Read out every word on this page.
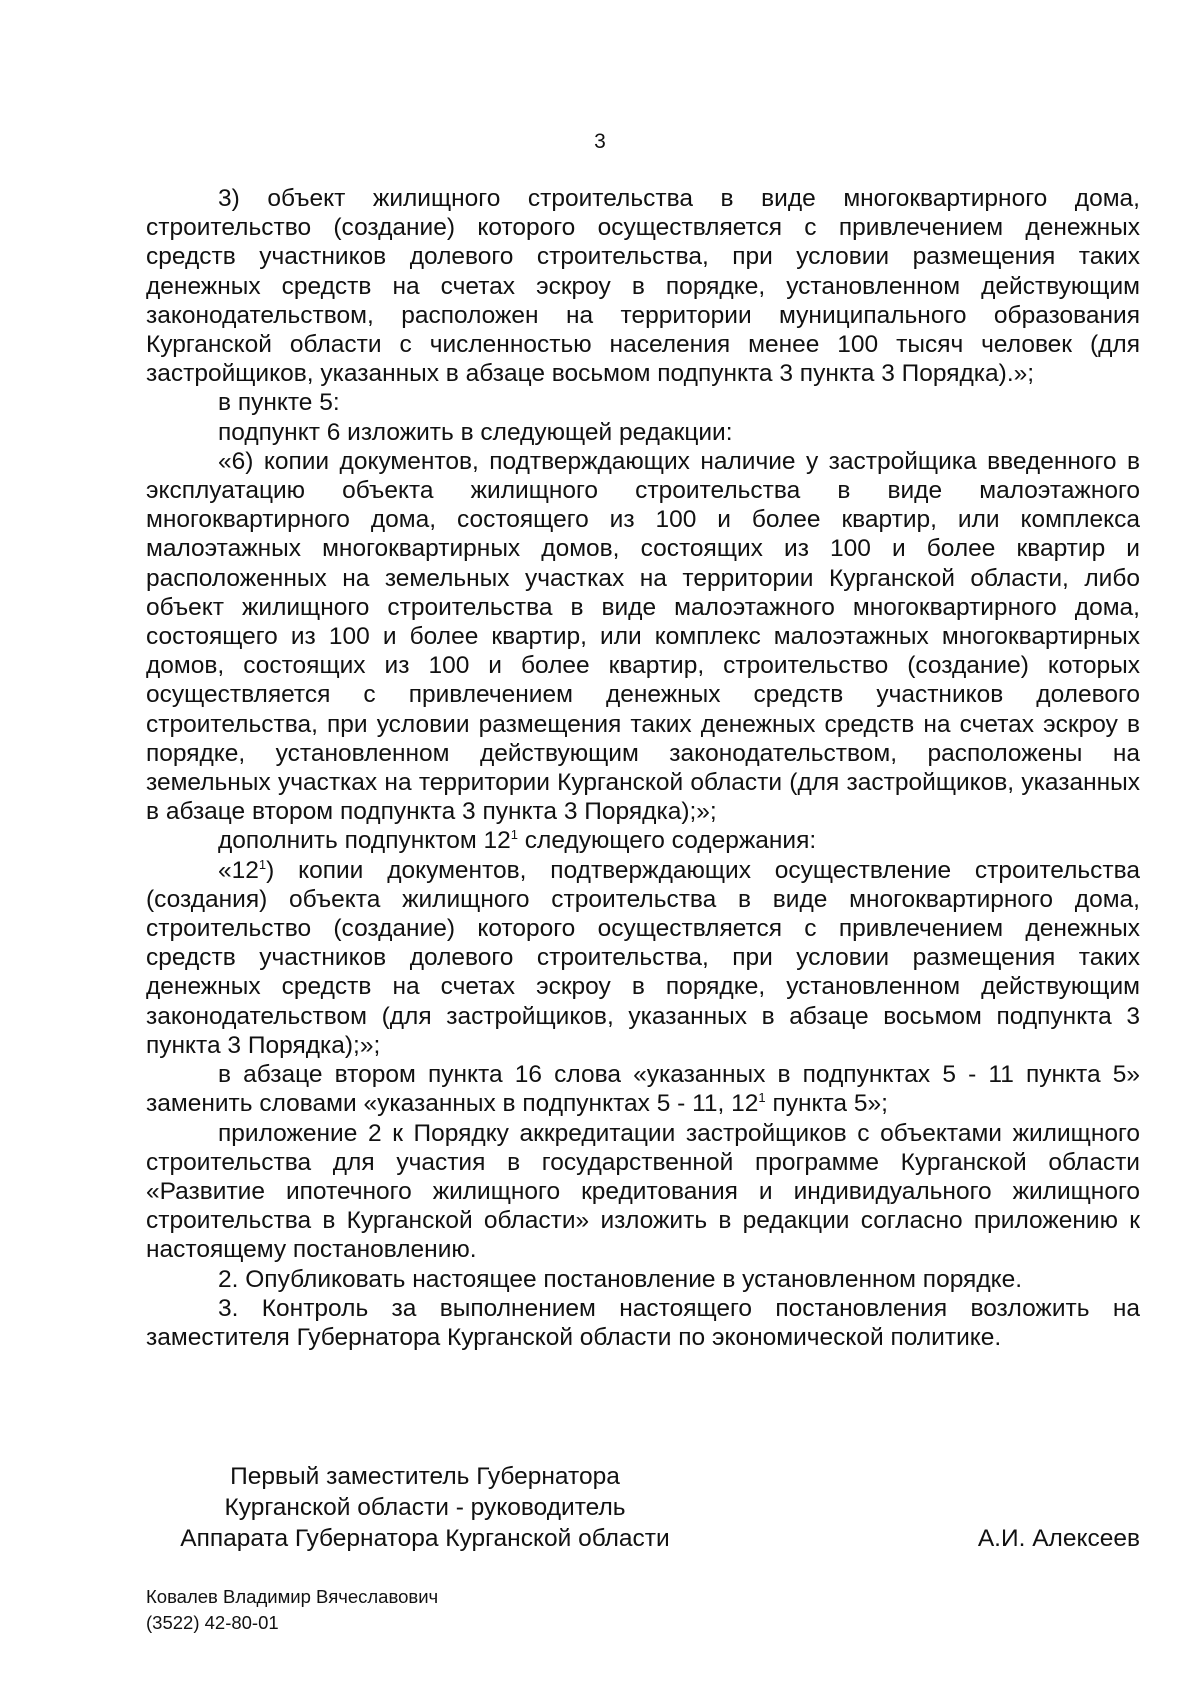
3

3) объект жилищного строительства в виде многоквартирного дома, строительство (создание) которого осуществляется с привлечением денежных средств участников долевого строительства, при условии размещения таких денежных средств на счетах эскроу в порядке, установленном действующим законодательством, расположен на территории муниципального образования Курганской области с численностью населения менее 100 тысяч человек (для застройщиков, указанных в абзаце восьмом подпункта 3 пункта 3 Порядка).»;

в пункте 5:

подпункт 6 изложить в следующей редакции:

«6) копии документов, подтверждающих наличие у застройщика введенного в эксплуатацию объекта жилищного строительства в виде малоэтажного многоквартирного дома, состоящего из 100 и более квартир, или комплекса малоэтажных многоквартирных домов, состоящих из 100 и более квартир и расположенных на земельных участках на территории Курганской области, либо объект жилищного строительства в виде малоэтажного многоквартирного дома, состоящего из 100 и более квартир, или комплекс малоэтажных многоквартирных домов, состоящих из 100 и более квартир, строительство (создание) которых осуществляется с привлечением денежных средств участников долевого строительства, при условии размещения таких денежных средств на счетах эскроу в порядке, установленном действующим законодательством, расположены на земельных участках на территории Курганской области (для застройщиков, указанных в абзаце втором подпункта 3 пункта 3 Порядка);»;

дополнить подпунктом $12^1$ следующего содержания:

«$12^1$) копии документов, подтверждающих осуществление строительства (создания) объекта жилищного строительства в виде многоквартирного дома, строительство (создание) которого осуществляется с привлечением денежных средств участников долевого строительства, при условии размещения таких денежных средств на счетах эскроу в порядке, установленном действующим законодательством (для застройщиков, указанных в абзаце восьмом подпункта 3 пункта 3 Порядка);»;

в абзаце втором пункта 16 слова «указанных в подпунктах 5 - 11 пункта 5» заменить словами «указанных в подпунктах 5 - 11, $12^1$ пункта 5»;

приложение 2 к Порядку аккредитации застройщиков с объектами жилищного строительства для участия в государственной программе Курганской области «Развитие ипотечного жилищного кредитования и индивидуального жилищного строительства в Курганской области» изложить в редакции согласно приложению к настоящему постановлению.

2. Опубликовать настоящее постановление в установленном порядке.

3. Контроль за выполнением настоящего постановления возложить на заместителя Губернатора Курганской области по экономической политике.

Первый заместитель Губернатора
Курганской области - руководитель
Аппарата Губернатора Курганской области	А.И. Алексеев
Ковалев Владимир Вячеславович
(3522) 42-80-01
